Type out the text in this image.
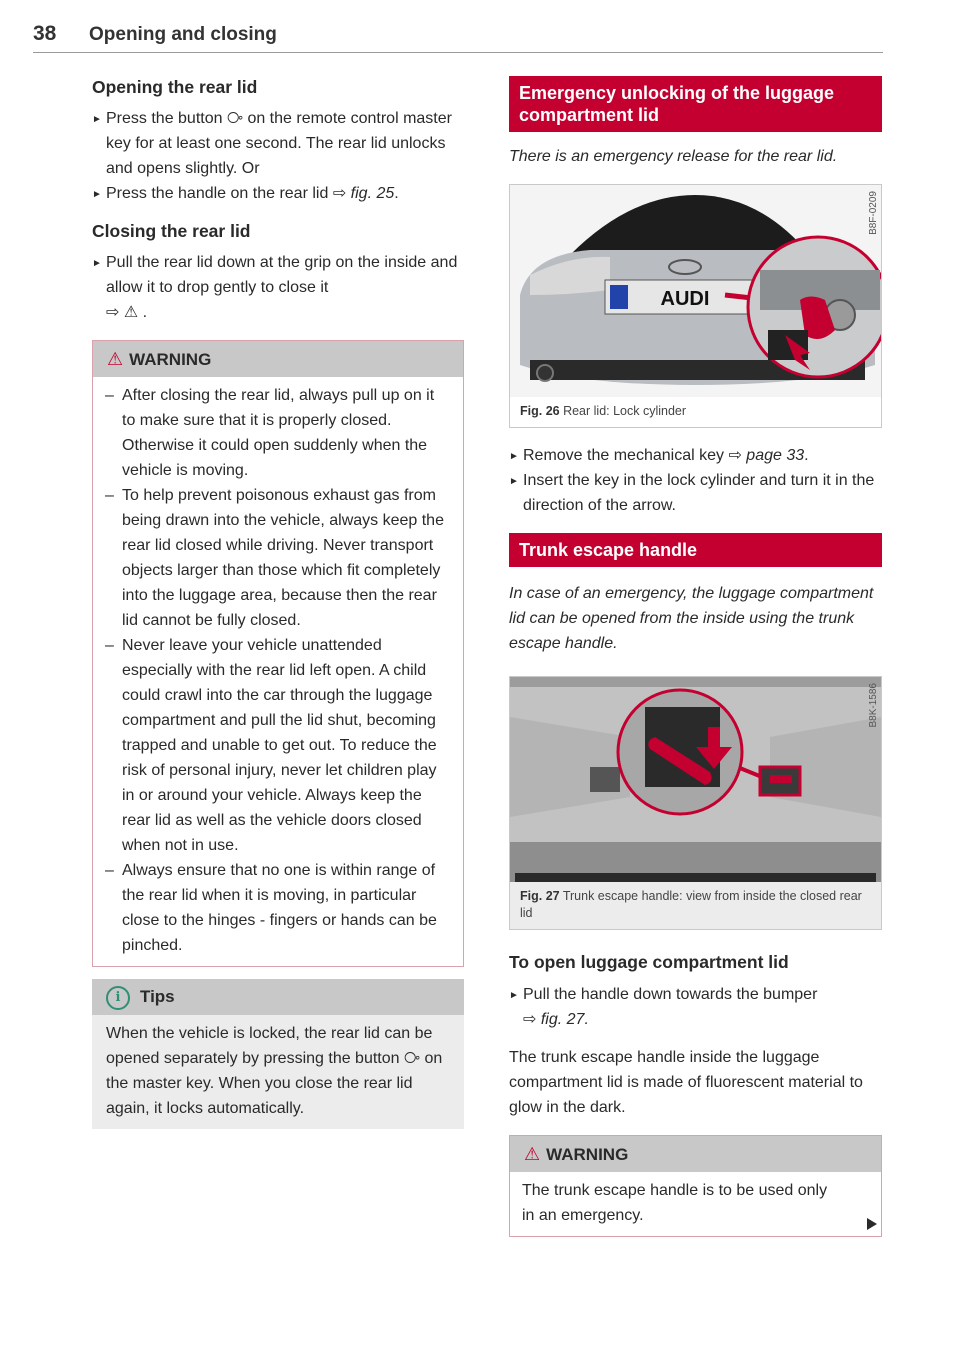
38 Opening and closing
Opening the rear lid
► Press the button ⧂ on the remote control master key for at least one second. The rear lid unlocks and opens slightly. Or
► Press the handle on the rear lid ⇨ fig. 25.
Closing the rear lid
► Pull the rear lid down at the grip on the inside and allow it to drop gently to close it
⇨ ⚠ .
⚠ WARNING
– After closing the rear lid, always pull up on it to make sure that it is properly closed. Otherwise it could open suddenly when the vehicle is moving.
– To help prevent poisonous exhaust gas from being drawn into the vehicle, always keep the rear lid closed while driving. Never transport objects larger than those which fit completely into the luggage area, because then the rear lid cannot be fully closed.
– Never leave your vehicle unattended especially with the rear lid left open. A child could crawl into the car through the luggage compartment and pull the lid shut, becoming trapped and unable to get out. To reduce the risk of personal injury, never let children play in or around your vehicle. Always keep the rear lid as well as the vehicle doors closed when not in use.
– Always ensure that no one is within range of the rear lid when it is moving, in particular close to the hinges - fingers or hands can be pinched.
i Tips
When the vehicle is locked, the rear lid can be opened separately by pressing the button ⧂ on the master key. When you close the rear lid again, it locks automatically.
Emergency unlocking of the luggage compartment lid
There is an emergency release for the rear lid.
AUDI
B8F-0209
Fig. 26 Rear lid: Lock cylinder
► Remove the mechanical key ⇨ page 33.
► Insert the key in the lock cylinder and turn it in the direction of the arrow.
Trunk escape handle
In case of an emergency, the luggage compartment lid can be opened from the inside using the trunk escape handle.
B8K-1586
Fig. 27 Trunk escape handle: view from inside the closed rear lid
To open luggage compartment lid
► Pull the handle down towards the bumper
⇨ fig. 27.

The trunk escape handle inside the luggage compartment lid is made of fluorescent material to glow in the dark.

⚠ WARNING
The trunk escape handle is to be used only in an emergency.
